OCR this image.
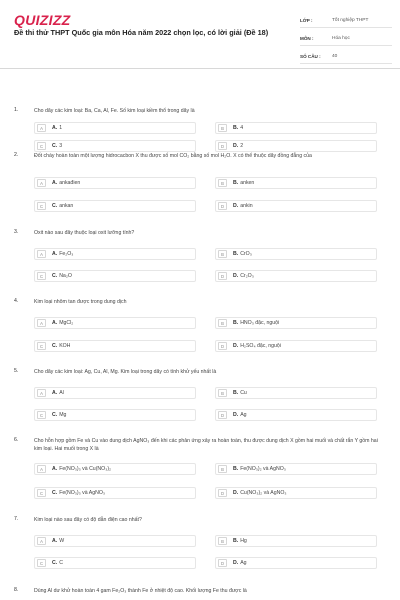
QUIZIZZ
Đề thi thử THPT Quốc gia môn Hóa năm 2022 chọn lọc, có lời giải (Đề 18)
LỚP :	Tốt nghiệp THPT
MÔN :	Hóa học
SỐ CÂU :	40
1.	Cho dãy các kim loại: Ba, Ca, Al, Fe. Số kim loại kiềm thổ trong dãy là
A	A. 1	B	B. 4
C	C. 3	D	D. 2
2.	Đốt cháy hoàn toàn một lượng hidrocacbon X thu được số mol CO₂ bằng số mol H₂O. X có thể thuộc dãy đồng đẳng của
A	A. ankađien	B	B. anken
C	C. ankan	D	D. ankin
3.	Oxit nào sau đây thuộc loại oxit lưỡng tính?
A	A. Fe₂O₃	B	B. CrO₃
C	C. Na₂O	D	D. Cr₂O₃
4.	Kim loại nhôm tan được trong dung dịch
A	A. MgCl₂	B	B. HNO₃ đặc, nguội
C	C. KOH	D	D. H₂SO₄ đặc, nguội
5.	Cho dãy các kim loại: Ag, Cu, Al, Mg. Kim loại trong dãy có tính khử yếu nhất là
A	A. Al	B	B. Cu
C	C. Mg	D	D. Ag
6.	Cho hỗn hợp gồm Fe và Cu vào dung dịch AgNO₃ đến khi các phản ứng xảy ra hoàn toàn, thu được dung dịch X gồm hai muối và chất rắn Y gồm hai kim loại. Hai muối trong X là
A	A. Fe(NO₃)₃ và Cu(NO₃)₂	B	B. Fe(NO₃)₂ và AgNO₃
C	C. Fe(NO₃)₃ và AgNO₃	D	D. Cu(NO₃)₂ và AgNO₃
7.	Kim loại nào sau đây có độ dẫn điện cao nhất?
A	A. W	B	B. Hg
C	C. C	D	D. Ag
8.	Dùng Al dư khử hoàn toàn 4 gam Fe₂O₃ thành Fe ở nhiệt độ cao. Khối lượng Fe thu được là
